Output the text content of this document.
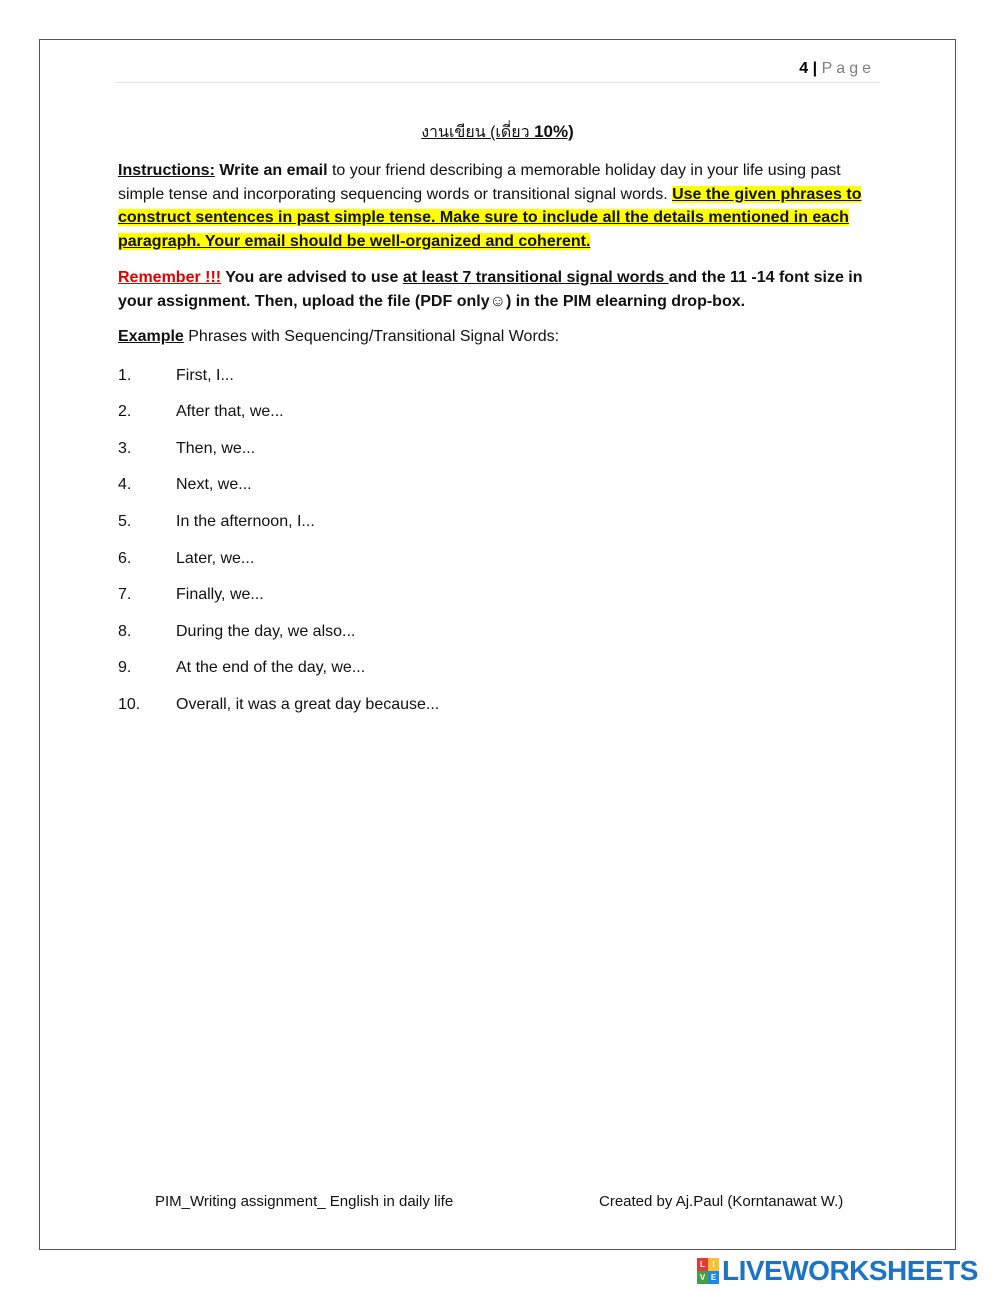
4 | Page
งานเขียน (เดี่ยว 10%)
Instructions: Write an email to your friend describing a memorable holiday day in your life using past simple tense and incorporating sequencing words or transitional signal words. Use the given phrases to construct sentences in past simple tense. Make sure to include all the details mentioned in each paragraph. Your email should be well-organized and coherent.
Remember !!! You are advised to use at least 7 transitional signal words and the 11 -14 font size in your assignment. Then, upload the file (PDF only☺) in the PIM elearning drop-box.
Example Phrases with Sequencing/Transitional Signal Words:
1.	First, I...
2.	After that, we...
3.	Then, we...
4.	Next, we...
5.	In the afternoon, I...
6.	Later, we...
7.	Finally, we...
8.	During the day, we also...
9.	At the end of the day, we...
10. Overall, it was a great day because...
PIM_Writing assignment_ English in daily life	Created by Aj.Paul (Korntanawat W.)
L I
V E LIVEWORKSHEETS
